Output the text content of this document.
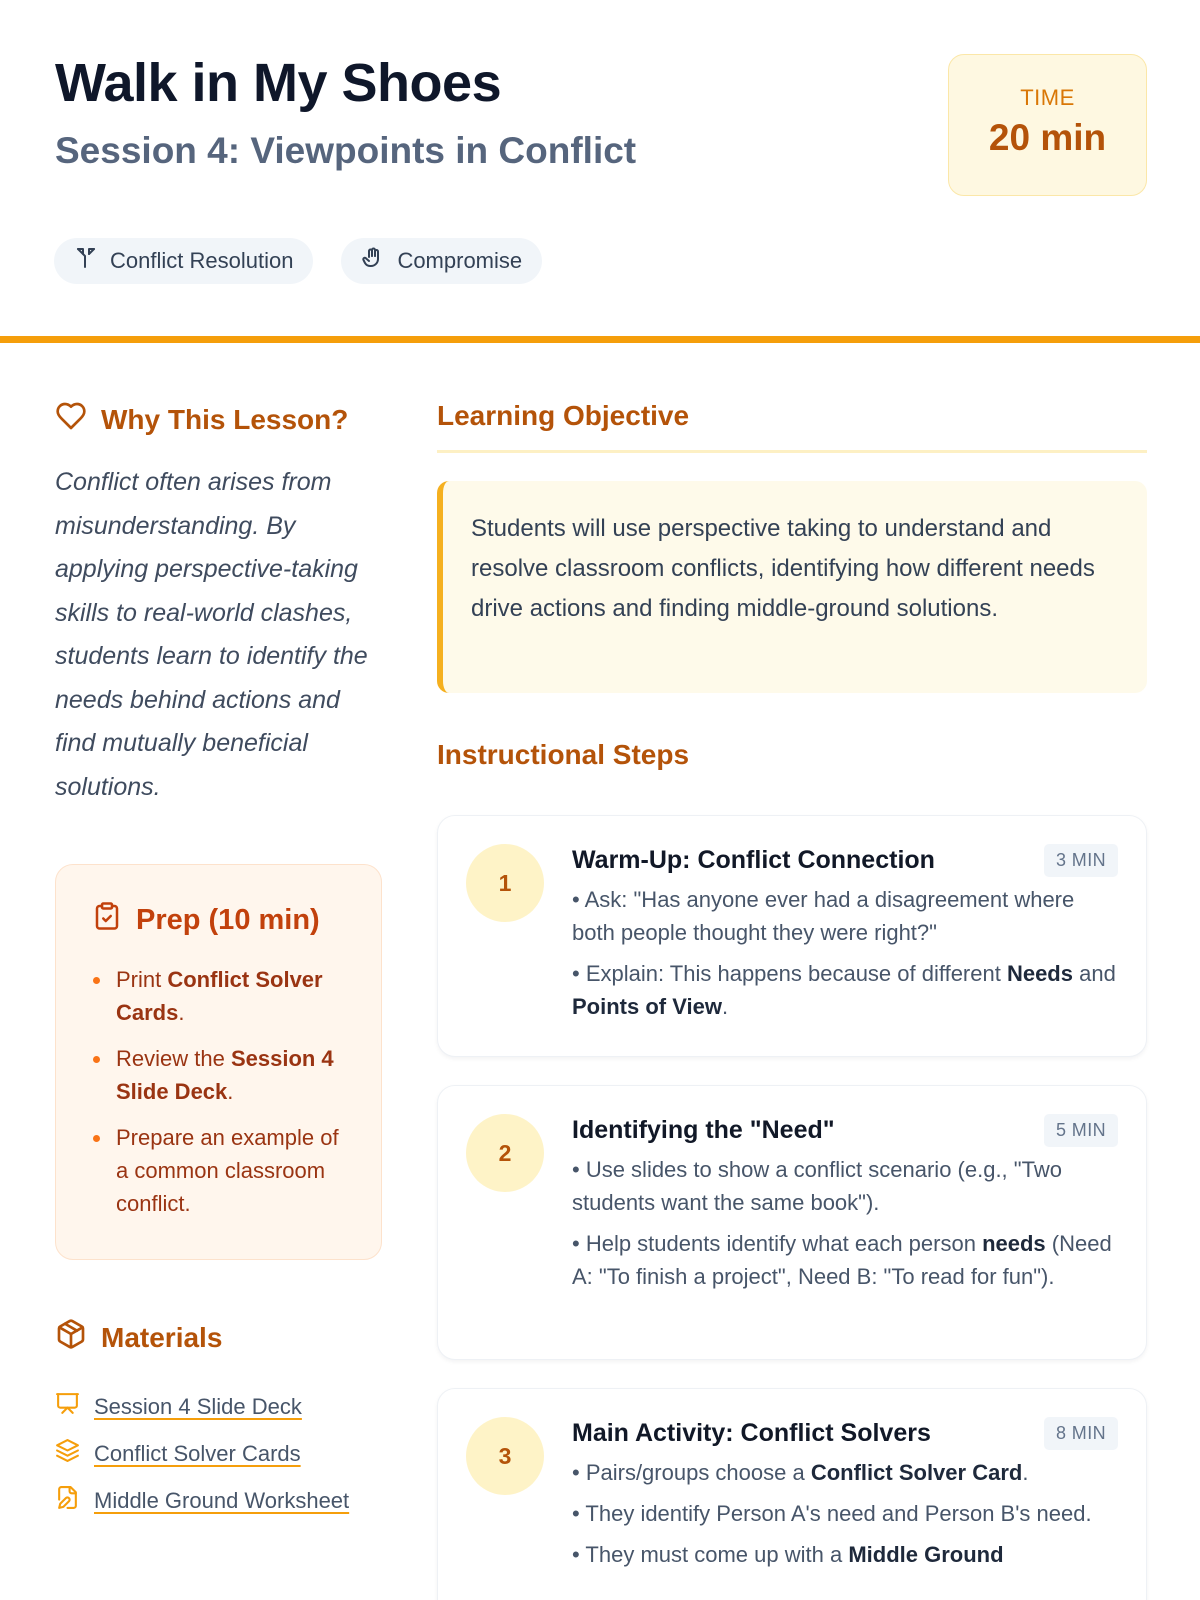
Walk in My Shoes
Session 4: Viewpoints in Conflict
TIME
20 min
Conflict Resolution	Compromise
Why This Lesson?

Conflict often arises from misunderstanding. By applying perspective-taking skills to real-world clashes, students learn to identify the needs behind actions and find mutually beneficial solutions.

Prep (10 min)
Print Conflict Solver Cards.
Review the Session 4 Slide Deck.
Prepare an example of a common classroom conflict.
Materials
Session 4 Slide Deck
Conflict Solver Cards
Middle Ground Worksheet
Learning Objective
Students will use perspective taking to understand and resolve classroom conflicts, identifying how different needs drive actions and finding middle-ground solutions.
Instructional Steps
1
Warm-Up: Conflict Connection	3 MIN
• Ask: "Has anyone ever had a disagreement where both people thought they were right?"
• Explain: This happens because of different Needs and Points of View.
2
Identifying the "Need"	5 MIN
• Use slides to show a conflict scenario (e.g., "Two students want the same book").
• Help students identify what each person needs (Need A: "To finish a project", Need B: "To read for fun").
3
Main Activity: Conflict Solvers	8 MIN
• Pairs/groups choose a Conflict Solver Card.
• They identify Person A's need and Person B's need.
• They must come up with a Middle Ground
